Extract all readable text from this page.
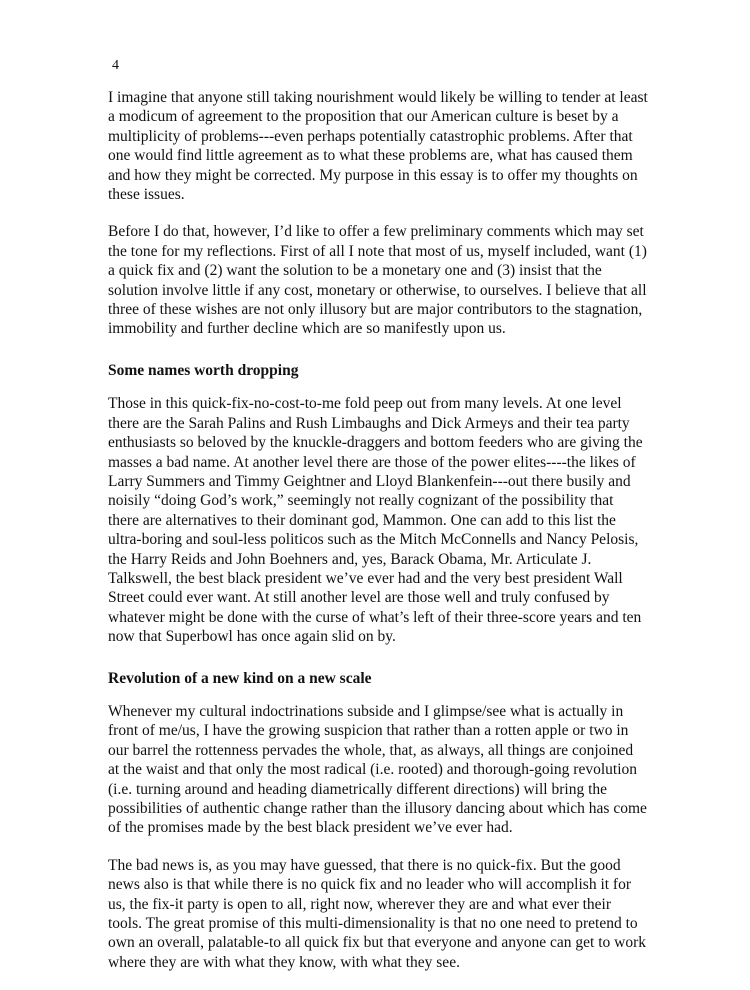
4

I imagine that anyone still taking nourishment would likely be willing to tender at least a modicum of agreement to the proposition that our American culture is beset by a multiplicity of problems---even perhaps potentially catastrophic problems. After that one would find little agreement as to what these problems are, what has caused them and how they might be corrected. My purpose in this essay is to offer my thoughts on these issues.

Before I do that, however, I’d like to offer a few preliminary comments which may set the tone for my reflections. First of all I note that most of us, myself included, want (1) a quick fix and (2) want the solution to be a monetary one and (3) insist that the solution involve little if any cost, monetary or otherwise, to ourselves. I believe that all three of these wishes are not only illusory but are major contributors to the stagnation, immobility and further decline which are so manifestly upon us.

Some names worth dropping

Those in this quick-fix-no-cost-to-me fold peep out from many levels. At one level there are the Sarah Palins and Rush Limbaughs and Dick Armeys and their tea party enthusiasts so beloved by the knuckle-draggers and bottom feeders who are giving the masses a bad name. At another level there are those of the power elites----the likes of Larry Summers and Timmy Geightner and Lloyd Blankenfein---out there busily and noisily “doing God’s work,” seemingly not really cognizant of the possibility that there are alternatives to their dominant god, Mammon. One can add to this list the ultra-boring and soul-less politicos such as the Mitch McConnells and Nancy Pelosis, the Harry Reids and John Boehners and, yes, Barack Obama, Mr. Articulate J. Talkswell, the best black president we’ve ever had and the very best president Wall Street could ever want. At still another level are those well and truly confused by whatever might be done with the curse of what’s left of their three-score years and ten now that Superbowl has once again slid on by.

Revolution of a new kind on a new scale

Whenever my cultural indoctrinations subside and I glimpse/see what is actually in front of me/us, I have the growing suspicion that rather than a rotten apple or two in our barrel the rottenness pervades the whole, that, as always, all things are conjoined at the waist and that only the most radical (i.e. rooted) and thorough-going revolution (i.e. turning around and heading diametrically different directions) will bring the possibilities of authentic change rather than the illusory dancing about which has come of the promises made by the best black president we’ve ever had.

The bad news is, as you may have guessed, that there is no quick-fix. But the good news also is that while there is no quick fix and no leader who will accomplish it for us, the fix-it party is open to all, right now, wherever they are and what ever their tools. The great promise of this multi-dimensionality is that no one need to pretend to own an overall, palatable-to all quick fix but that everyone and anyone can get to work where they are with what they know, with what they see.
